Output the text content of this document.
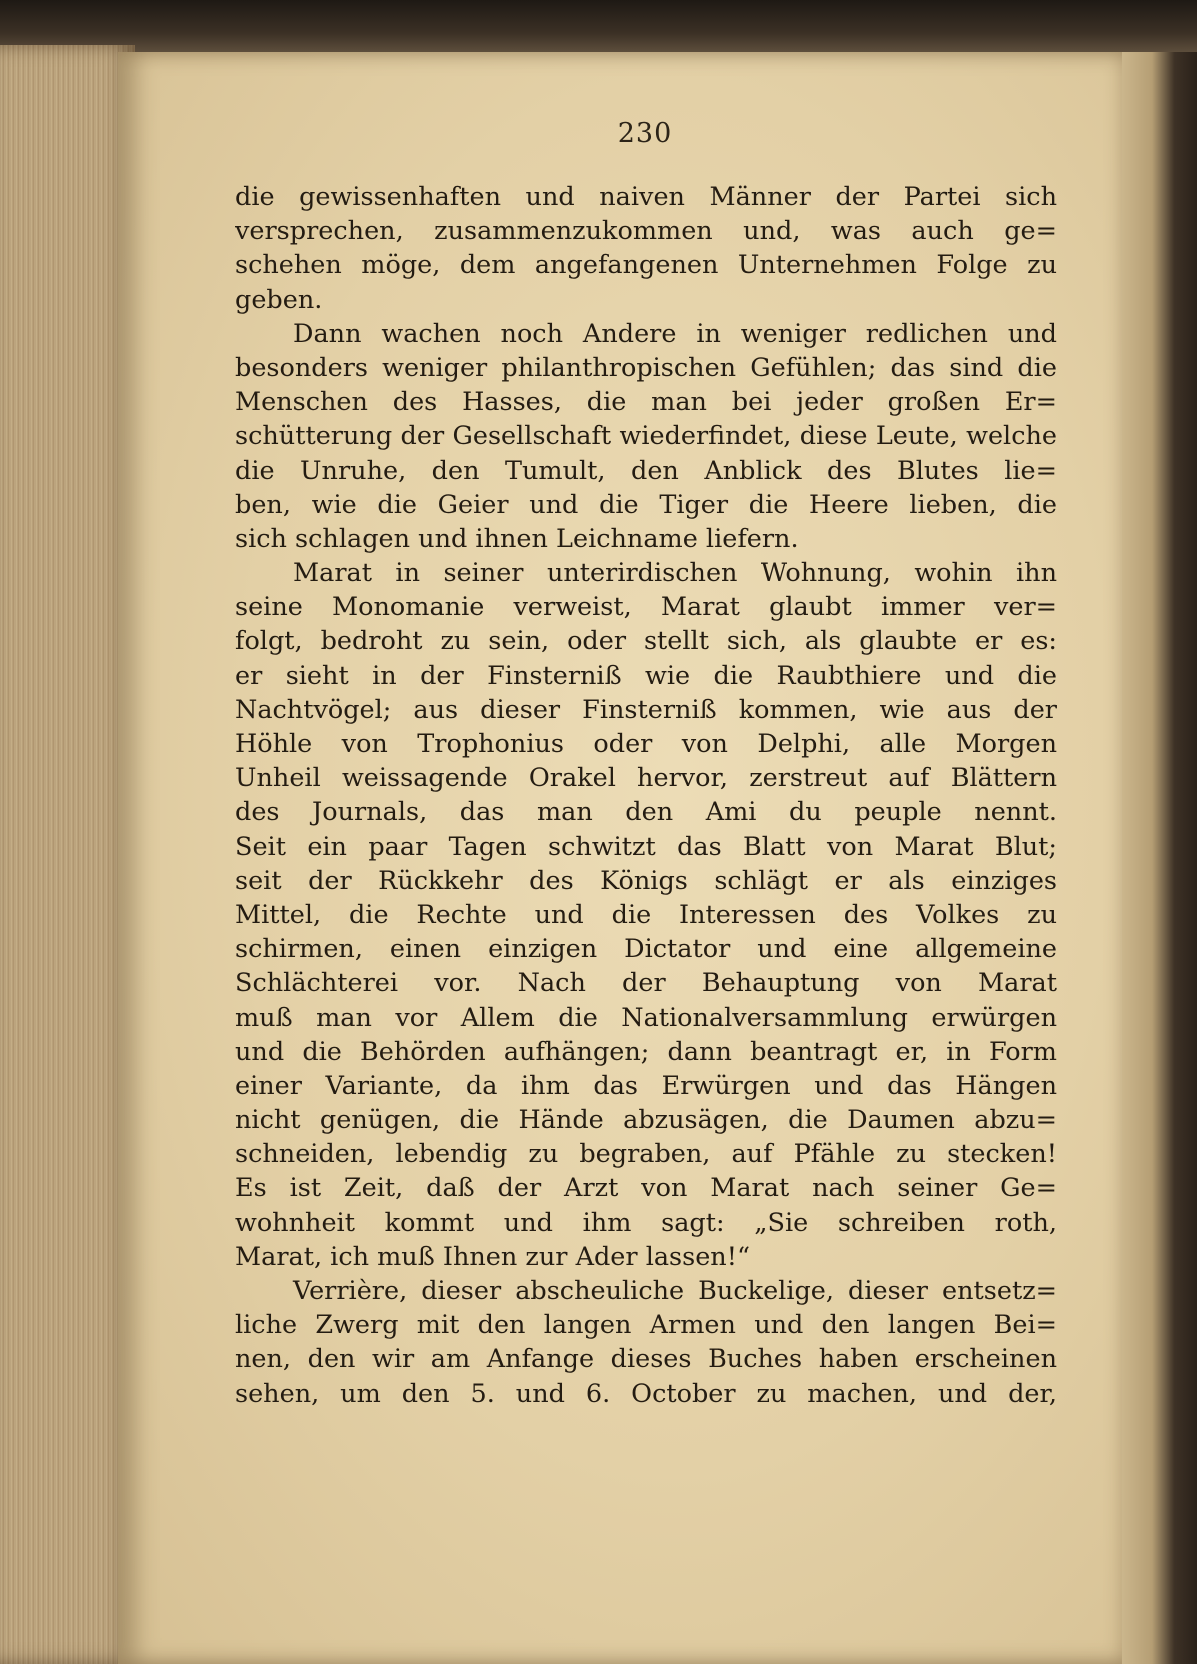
230
die gewissenhaften und naiven Männer der Partei sich
versprechen, zusammenzukommen und, was auch ge=
schehen möge, dem angefangenen Unternehmen Folge zu
geben.
Dann wachen noch Andere in weniger redlichen und
besonders weniger philanthropischen Gefühlen; das sind die
Menschen des Hasses, die man bei jeder großen Er=
schütterung der Gesellschaft wiederfindet, diese Leute, welche
die Unruhe, den Tumult, den Anblick des Blutes lie=
ben, wie die Geier und die Tiger die Heere lieben, die
sich schlagen und ihnen Leichname liefern.
Marat in seiner unterirdischen Wohnung, wohin ihn
seine Monomanie verweist, Marat glaubt immer ver=
folgt, bedroht zu sein, oder stellt sich, als glaubte er es:
er sieht in der Finsterniß wie die Raubthiere und die
Nachtvögel; aus dieser Finsterniß kommen, wie aus der
Höhle von Trophonius oder von Delphi, alle Morgen
Unheil weissagende Orakel hervor, zerstreut auf Blättern
des Journals, das man den Ami du peuple nennt.
Seit ein paar Tagen schwitzt das Blatt von Marat Blut;
seit der Rückkehr des Königs schlägt er als einziges
Mittel, die Rechte und die Interessen des Volkes zu
schirmen, einen einzigen Dictator und eine allgemeine
Schlächterei vor. Nach der Behauptung von Marat
muß man vor Allem die Nationalversammlung erwürgen
und die Behörden aufhängen; dann beantragt er, in Form
einer Variante, da ihm das Erwürgen und das Hängen
nicht genügen, die Hände abzusägen, die Daumen abzu=
schneiden, lebendig zu begraben, auf Pfähle zu stecken!
Es ist Zeit, daß der Arzt von Marat nach seiner Ge=
wohnheit kommt und ihm sagt: „Sie schreiben roth,
Marat, ich muß Ihnen zur Ader lassen!“
Verrière, dieser abscheuliche Buckelige, dieser entsetz=
liche Zwerg mit den langen Armen und den langen Bei=
nen, den wir am Anfange dieses Buches haben erscheinen
sehen, um den 5. und 6. October zu machen, und der,
